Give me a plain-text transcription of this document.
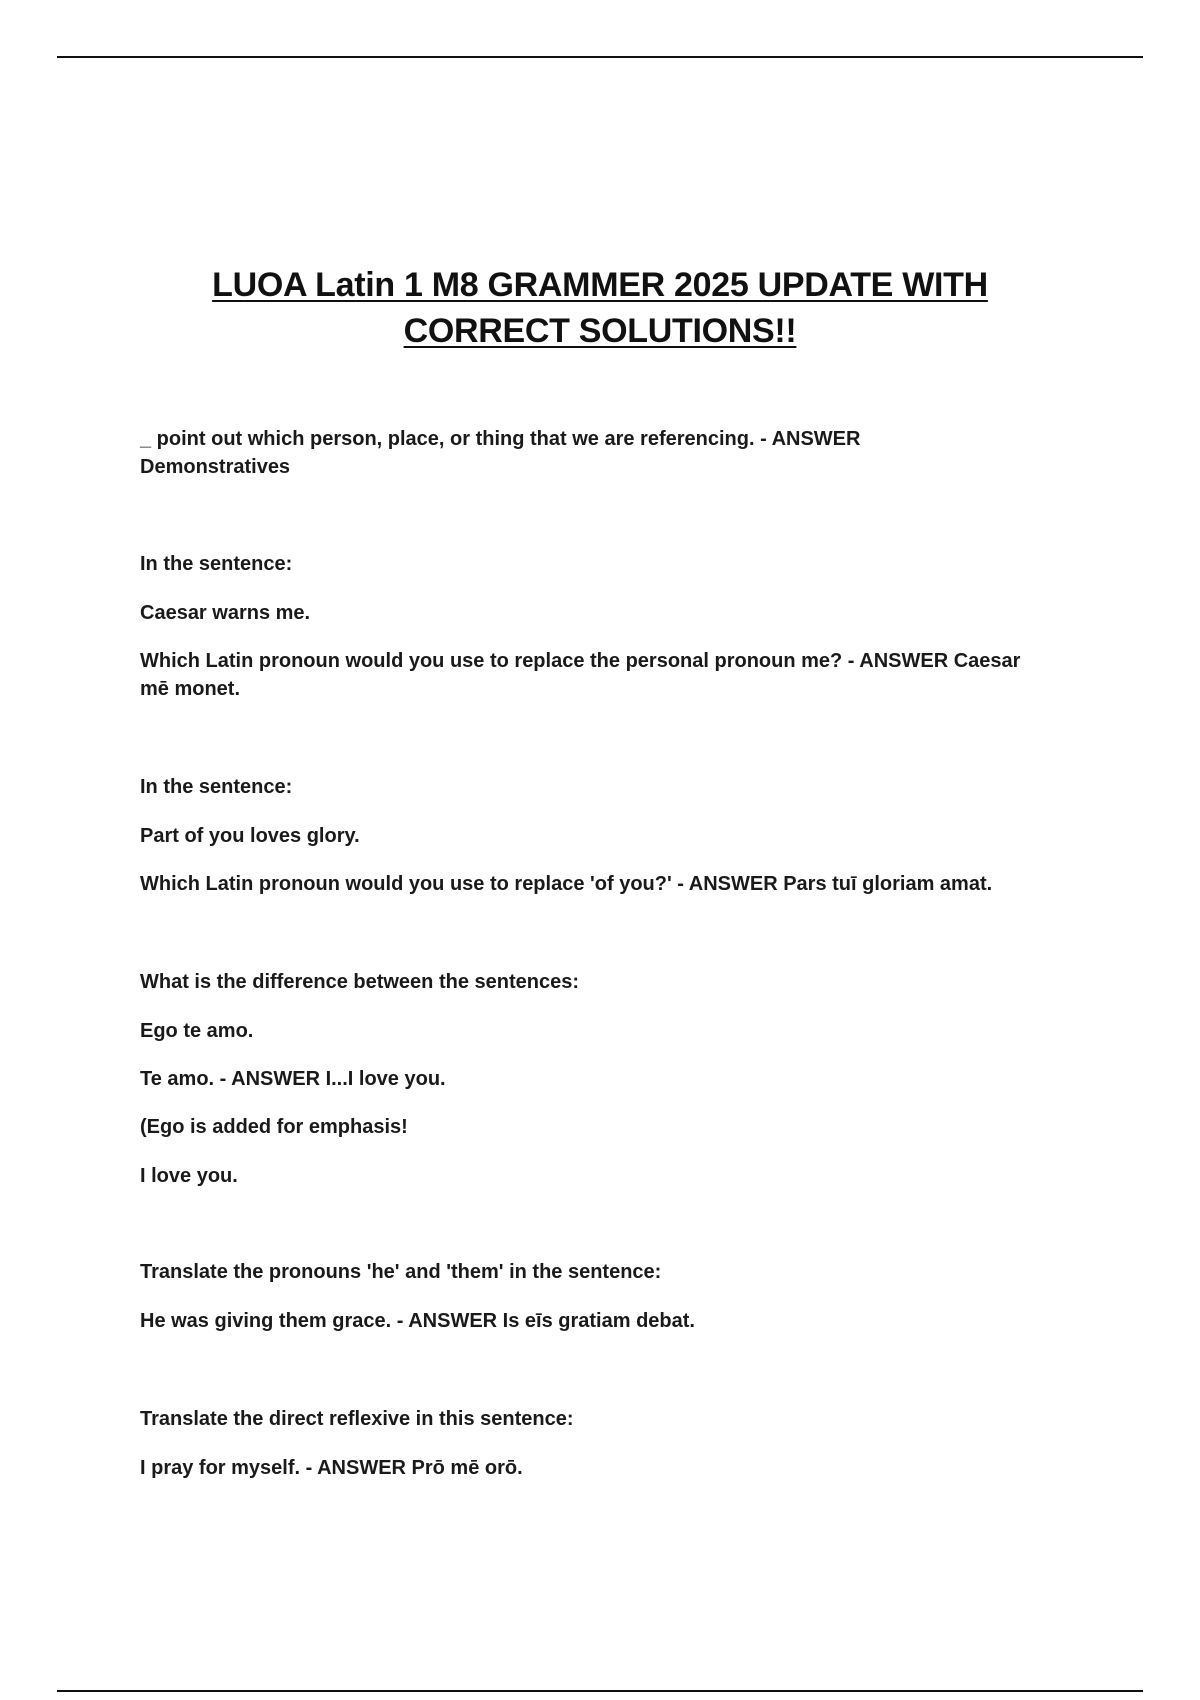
LUOA Latin 1 M8 GRAMMER 2025 UPDATE WITH
CORRECT SOLUTIONS!!
_ point out which person, place, or thing that we are referencing. - ANSWER Demonstratives
In the sentence:
Caesar warns me.
Which Latin pronoun would you use to replace the personal pronoun me? - ANSWER Caesar mē monet.
In the sentence:
Part of you loves glory.
Which Latin pronoun would you use to replace 'of you?' - ANSWER Pars tuī gloriam amat.
What is the difference between the sentences:
Ego te amo.
Te amo. - ANSWER I...I love you.
(Ego is added for emphasis!
I love you.
Translate the pronouns 'he' and 'them' in the sentence:
He was giving them grace. - ANSWER Is eīs gratiam debat.
Translate the direct reflexive in this sentence:
I pray for myself. - ANSWER Prō mē orō.
